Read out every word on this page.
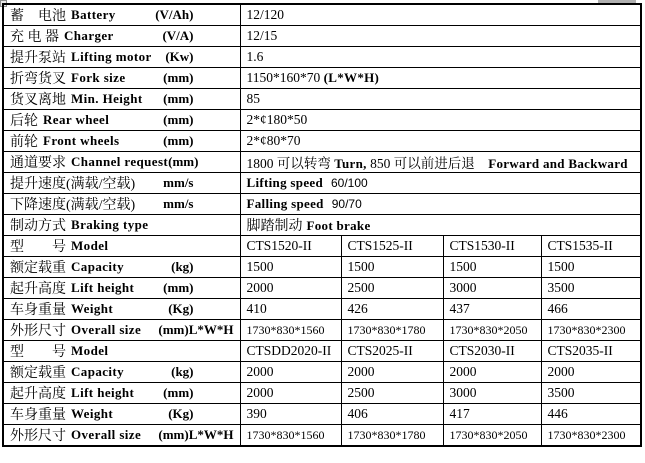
蓄　电池 Battery (V/Ah)	12/120			

充 电 器 Charger (V/A)	12/15			

提升泵站 Lifting motor (Kw)	1.6			

折弯货叉 Fork size (mm)	1150*160*70 (L*W*H)			

货叉离地 Min. Height (mm)	85			

后轮 Rear wheel (mm)	2*¢180*50			

前轮 Front wheels (mm)	2*¢80*70			

通道要求 Channel request (mm)	1800 可以转弯 Turn, 850 可以前进后退　Forward and Backward			

提升速度(满载/空载) mm/s	Lifting speed 60/100			

下降速度(满载/空载) mm/s	Falling speed 90/70			

制动方式 Braking type	脚踏制动 Foot brake			

型　　号 Model	CTS1520-II	CTS1525-II	CTS1530-II	CTS1535-II

额定载重 Capacity (kg)	1500	1500	1500	1500

起升高度 Lift height (mm)	2000	2500	3000	3500

车身重量 Weight (Kg)	410	426	437	466

外形尺寸 Overall size (mm)L*W*H	1730*830*1560	1730*830*1780	1730*830*2050	1730*830*2300

型　　号 Model	CTSDD2020-II	CTS2025-II	CTS2030-II	CTS2035-II

额定载重 Capacity (kg)	2000	2000	2000	2000

起升高度 Lift height (mm)	2000	2500	3000	3500

车身重量 Weight (Kg)	390	406	417	446

外形尺寸 Overall size (mm)L*W*H	1730*830*1560	1730*830*1780	1730*830*2050	1730*830*2300
